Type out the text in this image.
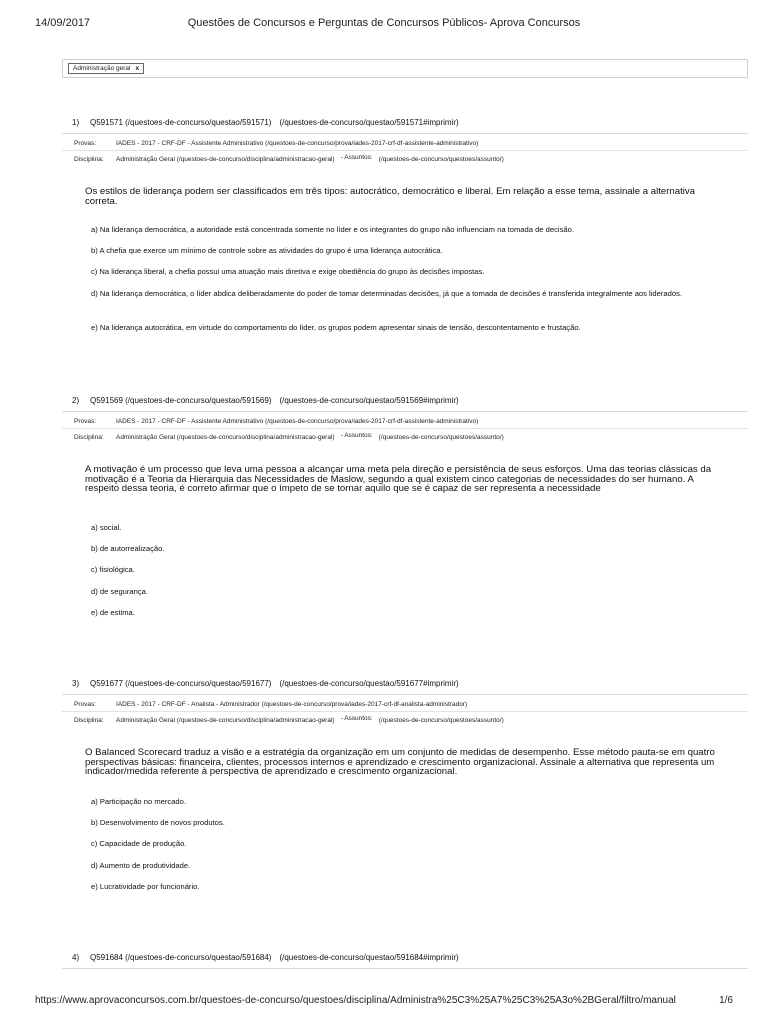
14/09/2017	Questões de Concursos e Perguntas de Concursos Públicos- Aprova Concursos
Administração geral x
1) Q591571 (/questoes-de-concurso/questao/591571) (/questoes-de-concurso/questao/591571#imprimir)
Provas:	IADES - 2017 - CRF-DF - Assistente Administrativo (/questoes-de-concurso/prova/iades-2017-crf-df-assistente-administrativo)
Disciplina: Administração Geral (/questoes-de-concurso/disciplina/administracao-geral) - Assuntos: (/questoes-de-concurso/questoes/assunto/)
Os estilos de liderança podem ser classificados em três tipos: autocrático, democrático e liberal. Em relação a esse tema, assinale a alternativa correta.
a) Na liderança democrática, a autoridade está concentrada somente no líder e os integrantes do grupo não influenciam na tomada de decisão.
b) A chefia que exerce um mínimo de controle sobre as atividades do grupo é uma liderança autocrática.
c) Na liderança liberal, a chefia possui uma atuação mais diretiva e exige obediência do grupo às decisões impostas.
d) Na liderança democrática, o líder abdica deliberadamente do poder de tomar determinadas decisões, já que a tomada de decisões é transferida integralmente aos liderados.
e) Na liderança autocrática, em virtude do comportamento do líder, os grupos podem apresentar sinais de tensão, descontentamento e frustação.
2) Q591569 (/questoes-de-concurso/questao/591569) (/questoes-de-concurso/questao/591569#imprimir)
Provas:	IADES - 2017 - CRF-DF - Assistente Administrativo (/questoes-de-concurso/prova/iades-2017-crf-df-assistente-administrativo)
Disciplina: Administração Geral (/questoes-de-concurso/disciplina/administracao-geral) - Assuntos: (/questoes-de-concurso/questoes/assunto/)
A motivação é um processo que leva uma pessoa a alcançar uma meta pela direção e persistência de seus esforços. Uma das teorias clássicas da motivação é a Teoria da Hierarquia das Necessidades de Maslow, segundo a qual existem cinco categorias de necessidades do ser humano. A respeito dessa teoria, é correto afirmar que o ímpeto de se tornar aquilo que se é capaz de ser representa a necessidade
a) social.
b) de autorrealização.
c) fisiológica.
d) de segurança.
e) de estima.
3) Q591677 (/questoes-de-concurso/questao/591677) (/questoes-de-concurso/questao/591677#imprimir)
Provas:	IADES - 2017 - CRF-DF - Analista - Administrador (/questoes-de-concurso/prova/iades-2017-crf-df-analista-administrador)
Disciplina: Administração Geral (/questoes-de-concurso/disciplina/administracao-geral) - Assuntos: (/questoes-de-concurso/questoes/assunto/)
O Balanced Scorecard traduz a visão e a estratégia da organização em um conjunto de medidas de desempenho. Esse método pauta-se em quatro perspectivas básicas: financeira, clientes, processos internos e aprendizado e crescimento organizacional. Assinale a alternativa que representa um indicador/medida referente à perspectiva de aprendizado e crescimento organizacional.
a) Participação no mercado.
b) Desenvolvimento de novos produtos.
c) Capacidade de produção.
d) Aumento de produtividade.
e) Lucratividade por funcionário.
4) Q591684 (/questoes-de-concurso/questao/591684) (/questoes-de-concurso/questao/591684#imprimir)
https://www.aprovaconcursos.com.br/questoes-de-concurso/questoes/disciplina/Administra%25C3%25A7%25C3%25A3o%2BGeral/filtro/manual	1/6
